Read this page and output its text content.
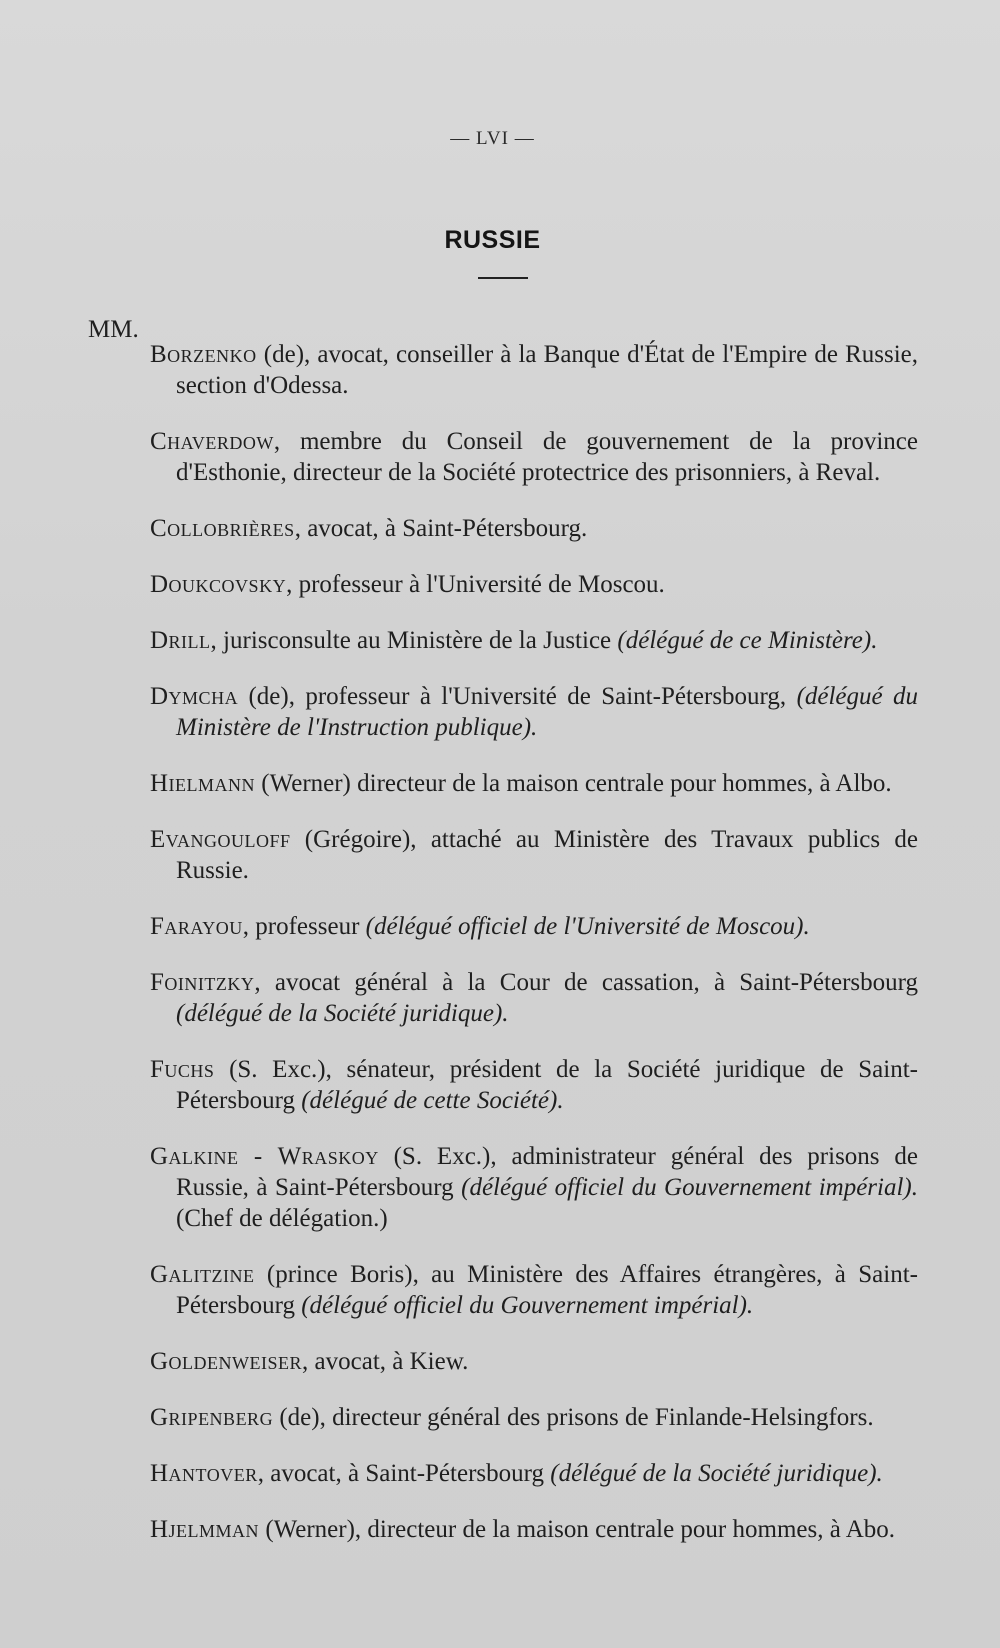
— LVI —
RUSSIE
MM.

Borzenko (de), avocat, conseiller à la Banque d'État de l'Empire de Russie, section d'Odessa.

Chaverdow, membre du Conseil de gouvernement de la province d'Esthonie, directeur de la Société protectrice des prisonniers, à Reval.

Collobrières, avocat, à Saint-Pétersbourg.

Doukcovsky, professeur à l'Université de Moscou.

Drill, jurisconsulte au Ministère de la Justice (délégué de ce Ministère).

Dymcha (de), professeur à l'Université de Saint-Pétersbourg, (délégué du Ministère de l'Instruction publique).

Hielmann (Werner) directeur de la maison centrale pour hommes, à Albo.

Evangouloff (Grégoire), attaché au Ministère des Travaux publics de Russie.

Farayou, professeur (délégué officiel de l'Université de Moscou).

Foinitzky, avocat général à la Cour de cassation, à Saint-Pétersbourg (délégué de la Société juridique).

Fuchs (S. Exc.), sénateur, président de la Société juridique de Saint-Pétersbourg (délégué de cette Société).

Galkine - Wraskoy (S. Exc.), administrateur général des prisons de Russie, à Saint-Pétersbourg (délégué officiel du Gouvernement impérial). (Chef de délégation.)

Galitzine (prince Boris), au Ministère des Affaires étrangères, à Saint-Pétersbourg (délégué officiel du Gouvernement impérial).

Goldenweiser, avocat, à Kiew.

Gripenberg (de), directeur général des prisons de Finlande-Helsingfors.

Hantover, avocat, à Saint-Pétersbourg (délégué de la Société juridique).

Hjelmman (Werner), directeur de la maison centrale pour hommes, à Abo.
